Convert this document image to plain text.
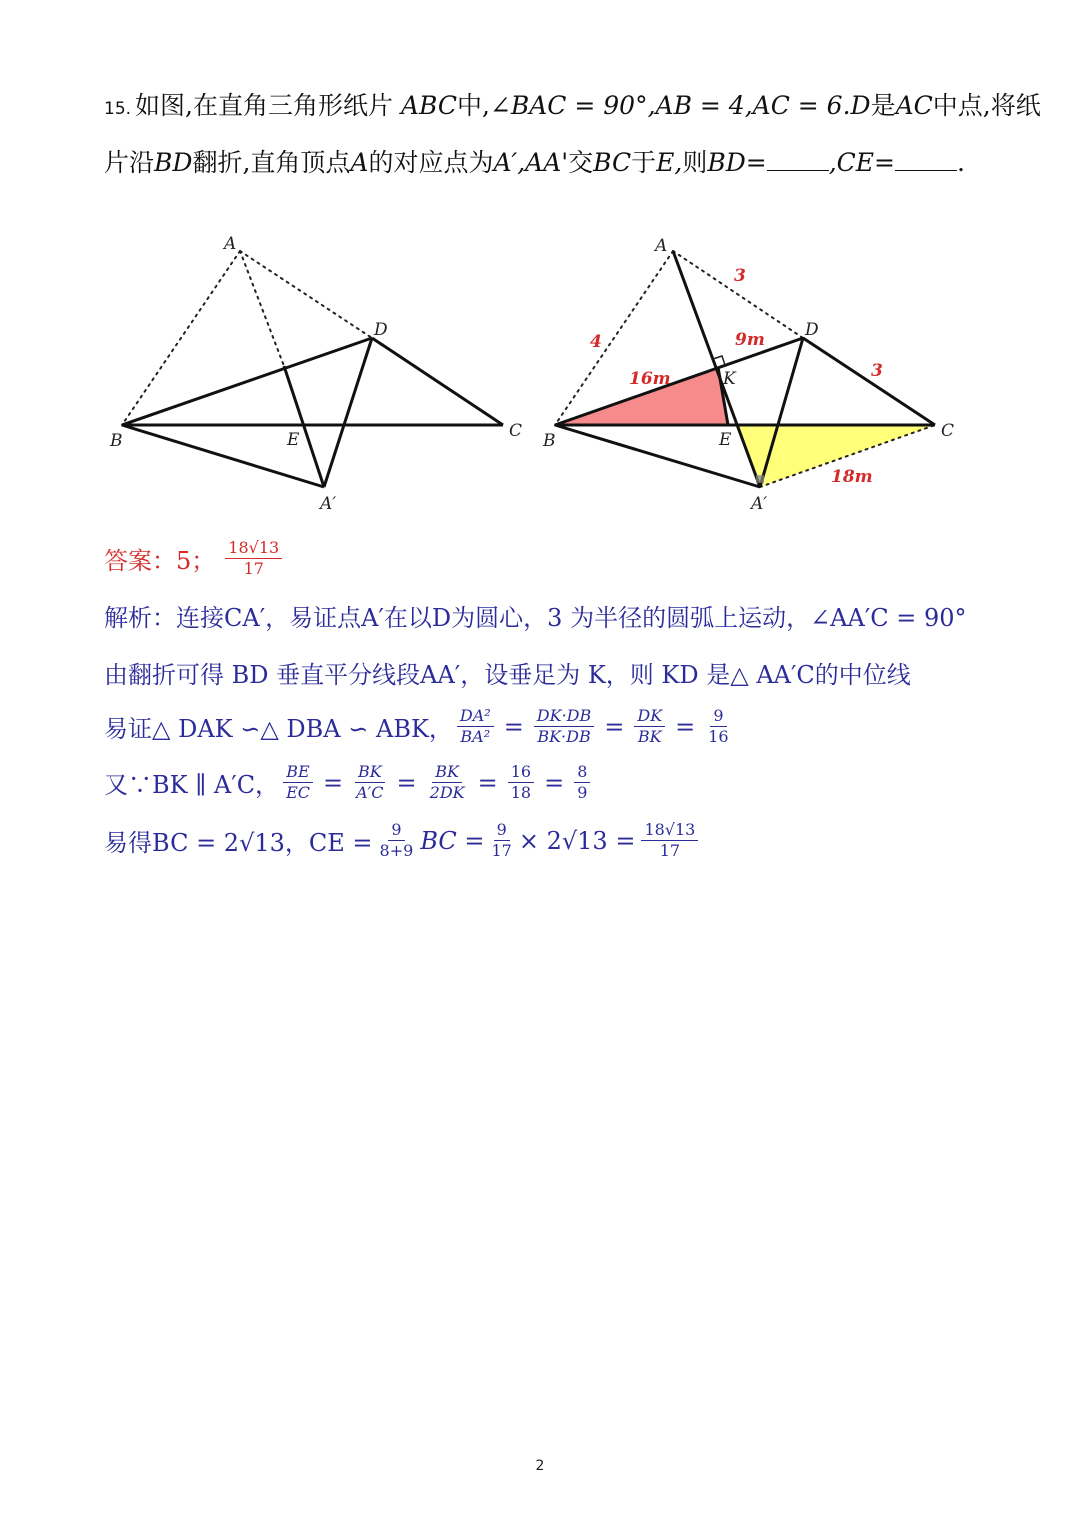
15. 如图,在直角三角形纸片 ABC中,∠BAC = 90°,AB = 4,AC = 6.D是AC中点,将纸
片沿BD翻折,直角顶点A的对应点为A′,AA'交BC于E,则BD= ,CE= .
A
D
B	E	C
A′
A
D
B	E	C
A′
K
4
3
3
16m
9m
18m
答案：5； $\frac{18√13}{17}$
解析：连接CA′，易证点A′在以D为圆心，3 为半径的圆弧上运动，∠AA′C = 90°
由翻折可得 BD 垂直平分线段AA′，设垂足为 K，则 KD 是△ AA′C的中位线
易证△ DAK ∽△ DBA ∽ ABK， $\frac{\text{DA²}}{\text{BA²}} = \frac{DK\cdot DB}{BK\cdot DB} = \frac{DK}{BK} = \frac{9}{16}$
又∵BK ∥ A′C， $\frac{BE}{EC} = \frac{BK}{A'C} = \frac{BK}{2DK} = \frac{16}{18} = \frac{8}{9}$
易得BC = 2√13，CE = $\frac{9}{8+9}$ BC = $\frac{9}{17} \times 2√13 = \frac{18√13}{17}$
2
